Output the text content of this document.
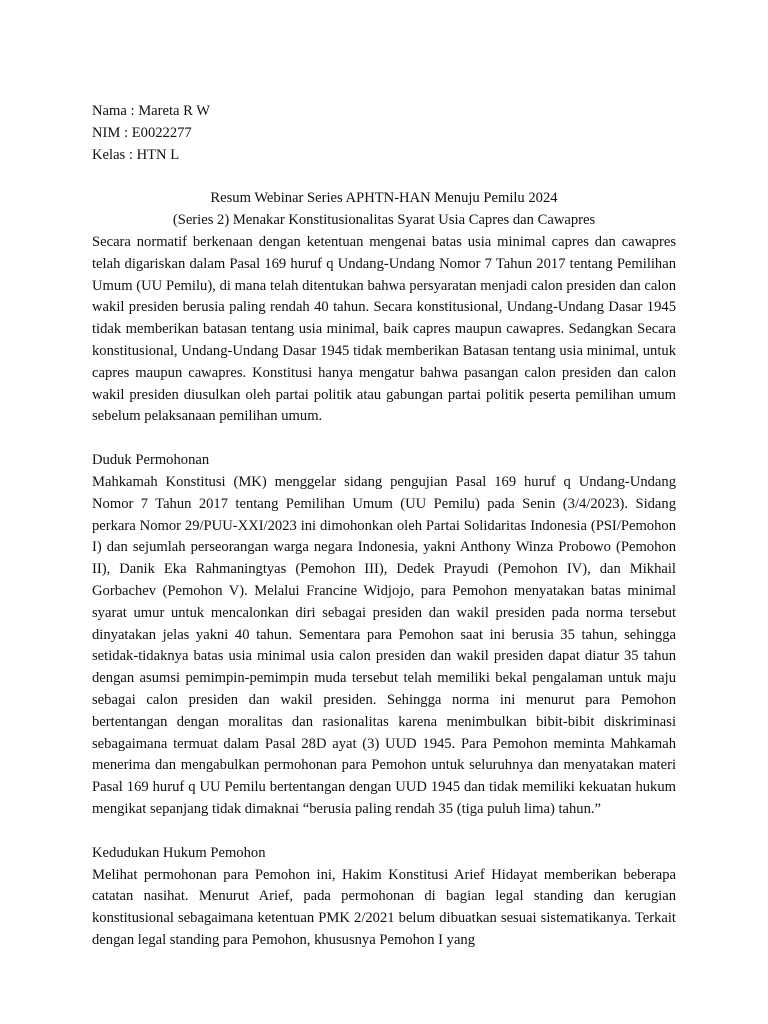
Nama : Mareta R W
NIM : E0022277
Kelas : HTN L
Resum Webinar Series APHTN-HAN Menuju Pemilu 2024
(Series 2) Menakar Konstitusionalitas Syarat Usia Capres dan Cawapres

Secara normatif berkenaan dengan ketentuan mengenai batas usia minimal capres dan cawapres telah digariskan dalam Pasal 169 huruf q Undang-Undang Nomor 7 Tahun 2017 tentang Pemilihan Umum (UU Pemilu), di mana telah ditentukan bahwa persyaratan menjadi calon presiden dan calon wakil presiden berusia paling rendah 40 tahun. Secara konstitusional, Undang-Undang Dasar 1945 tidak memberikan batasan tentang usia minimal, baik capres maupun cawapres. Sedangkan Secara konstitusional, Undang-Undang Dasar 1945 tidak memberikan Batasan tentang usia minimal, untuk capres maupun cawapres. Konstitusi hanya mengatur bahwa pasangan calon presiden dan calon wakil presiden diusulkan oleh partai politik atau gabungan partai politik peserta pemilihan umum sebelum pelaksanaan pemilihan umum.

Duduk Permohonan

Mahkamah Konstitusi (MK) menggelar sidang pengujian Pasal 169 huruf q Undang-Undang Nomor 7 Tahun 2017 tentang Pemilihan Umum (UU Pemilu) pada Senin (3/4/2023). Sidang perkara Nomor 29/PUU-XXI/2023 ini dimohonkan oleh Partai Solidaritas Indonesia (PSI/Pemohon I) dan sejumlah perseorangan warga negara Indonesia, yakni Anthony Winza Probowo (Pemohon II), Danik Eka Rahmaningtyas (Pemohon III), Dedek Prayudi (Pemohon IV), dan Mikhail Gorbachev (Pemohon V). Melalui Francine Widjojo, para Pemohon menyatakan batas minimal syarat umur untuk mencalonkan diri sebagai presiden dan wakil presiden pada norma tersebut dinyatakan jelas yakni 40 tahun. Sementara para Pemohon saat ini berusia 35 tahun, sehingga setidak-tidaknya batas usia minimal usia calon presiden dan wakil presiden dapat diatur 35 tahun dengan asumsi pemimpin-pemimpin muda tersebut telah memiliki bekal pengalaman untuk maju sebagai calon presiden dan wakil presiden. Sehingga norma ini menurut para Pemohon bertentangan dengan moralitas dan rasionalitas karena menimbulkan bibit-bibit diskriminasi sebagaimana termuat dalam Pasal 28D ayat (3) UUD 1945. Para Pemohon meminta Mahkamah menerima dan mengabulkan permohonan para Pemohon untuk seluruhnya dan menyatakan materi Pasal 169 huruf q UU Pemilu bertentangan dengan UUD 1945 dan tidak memiliki kekuatan hukum mengikat sepanjang tidak dimaknai “berusia paling rendah 35 (tiga puluh lima) tahun.”

Kedudukan Hukum Pemohon

Melihat permohonan para Pemohon ini, Hakim Konstitusi Arief Hidayat memberikan beberapa catatan nasihat. Menurut Arief, pada permohonan di bagian legal standing dan kerugian konstitusional sebagaimana ketentuan PMK 2/2021 belum dibuatkan sesuai sistematikanya. Terkait dengan legal standing para Pemohon, khususnya Pemohon I yang
